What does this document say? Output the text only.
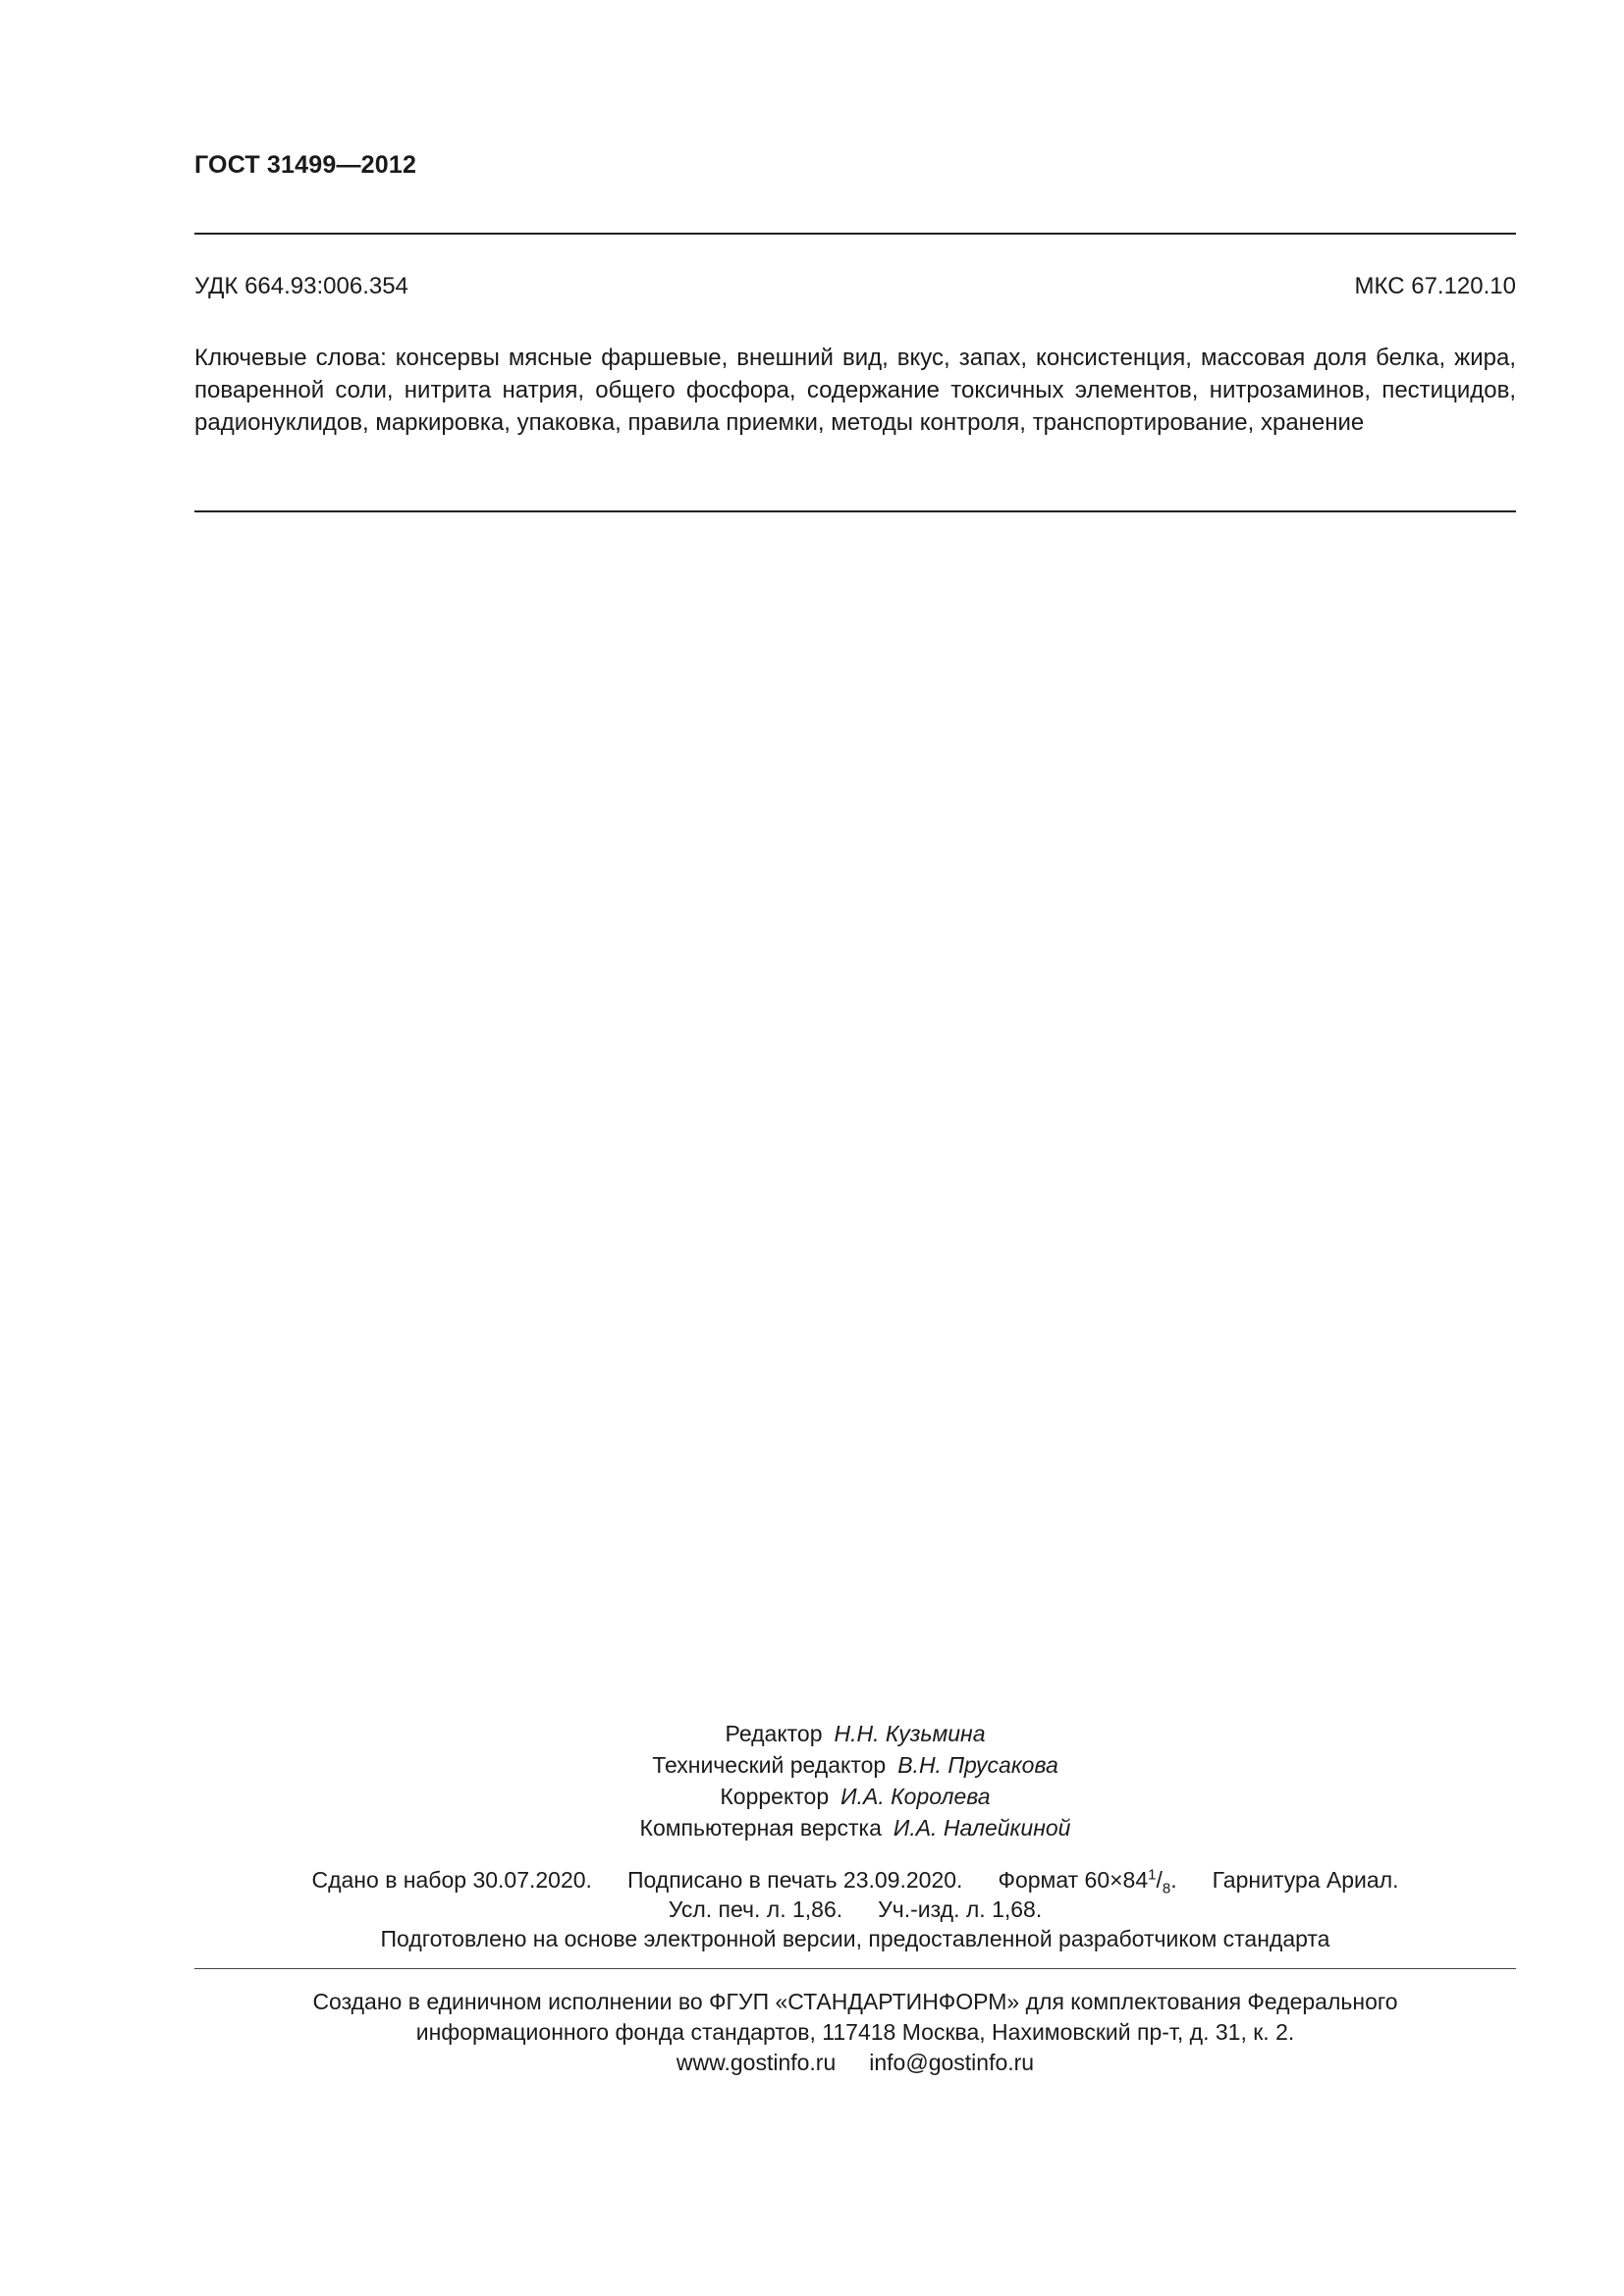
ГОСТ 31499—2012
УДК 664.93:006.354	МКС 67.120.10
Ключевые слова: консервы мясные фаршевые, внешний вид, вкус, запах, консистенция, массовая доля белка, жира, поваренной соли, нитрита натрия, общего фосфора, содержание токсичных элементов, нитрозаминов, пестицидов, радионуклидов, маркировка, упаковка, правила приемки, методы контроля, транспортирование, хранение
Редактор Н.Н. Кузьмина
Технический редактор В.Н. Прусакова
Корректор И.А. Королева
Компьютерная верстка И.А. Налейкиной
Сдано в набор 30.07.2020. Подписано в печать 23.09.2020. Формат $60\times 84^1/_8$. Гарнитура Ариал.
Усл. печ. л. 1,86. Уч.-изд. л. 1,68.
Подготовлено на основе электронной версии, предоставленной разработчиком стандарта
Создано в единичном исполнении во ФГУП «СТАНДАРТИНФОРМ» для комплектования Федерального
информационного фонда стандартов, 117418 Москва, Нахимовский пр-т, д. 31, к. 2.
www.gostinfo.ru info@gostinfo.ru
